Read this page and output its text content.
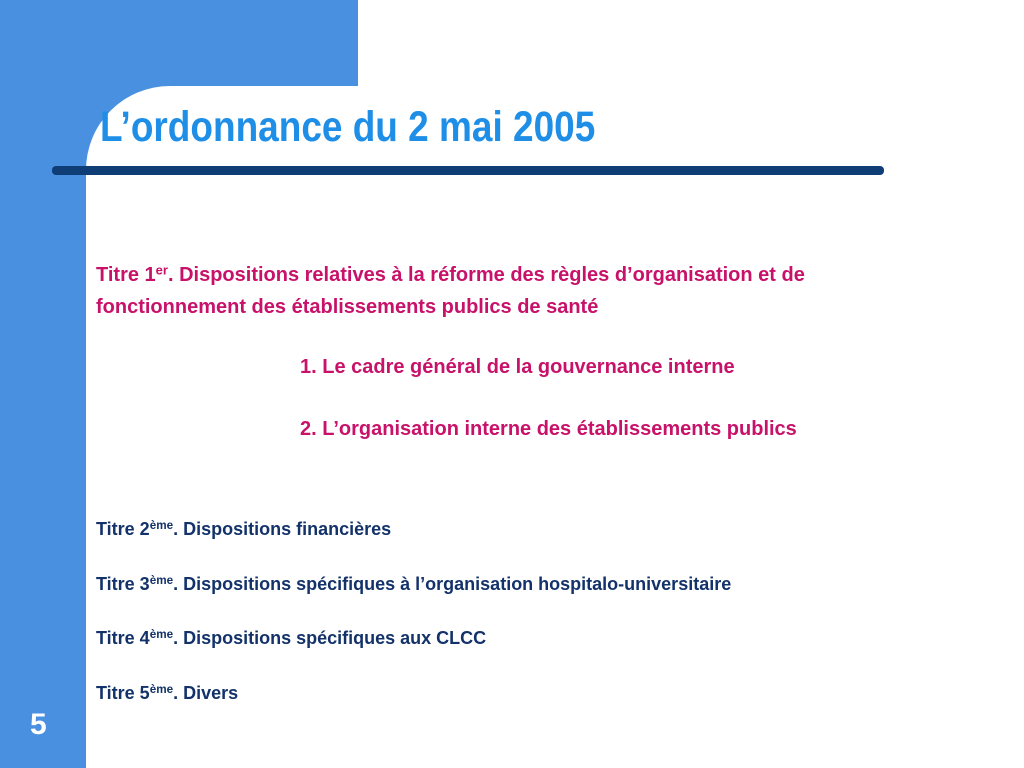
L’ordonnance du 2 mai 2005

Titre 1er. Dispositions relatives à la réforme des règles d’organisation et de

fonctionnement des établissements publics de santé

1. Le cadre général de la gouvernance interne

2. L’organisation interne des établissements publics

Titre 2ème. Dispositions financières

Titre 3ème. Dispositions spécifiques à l’organisation hospitalo-universitaire

Titre 4ème. Dispositions spécifiques aux CLCC

Titre 5ème. Divers

5
